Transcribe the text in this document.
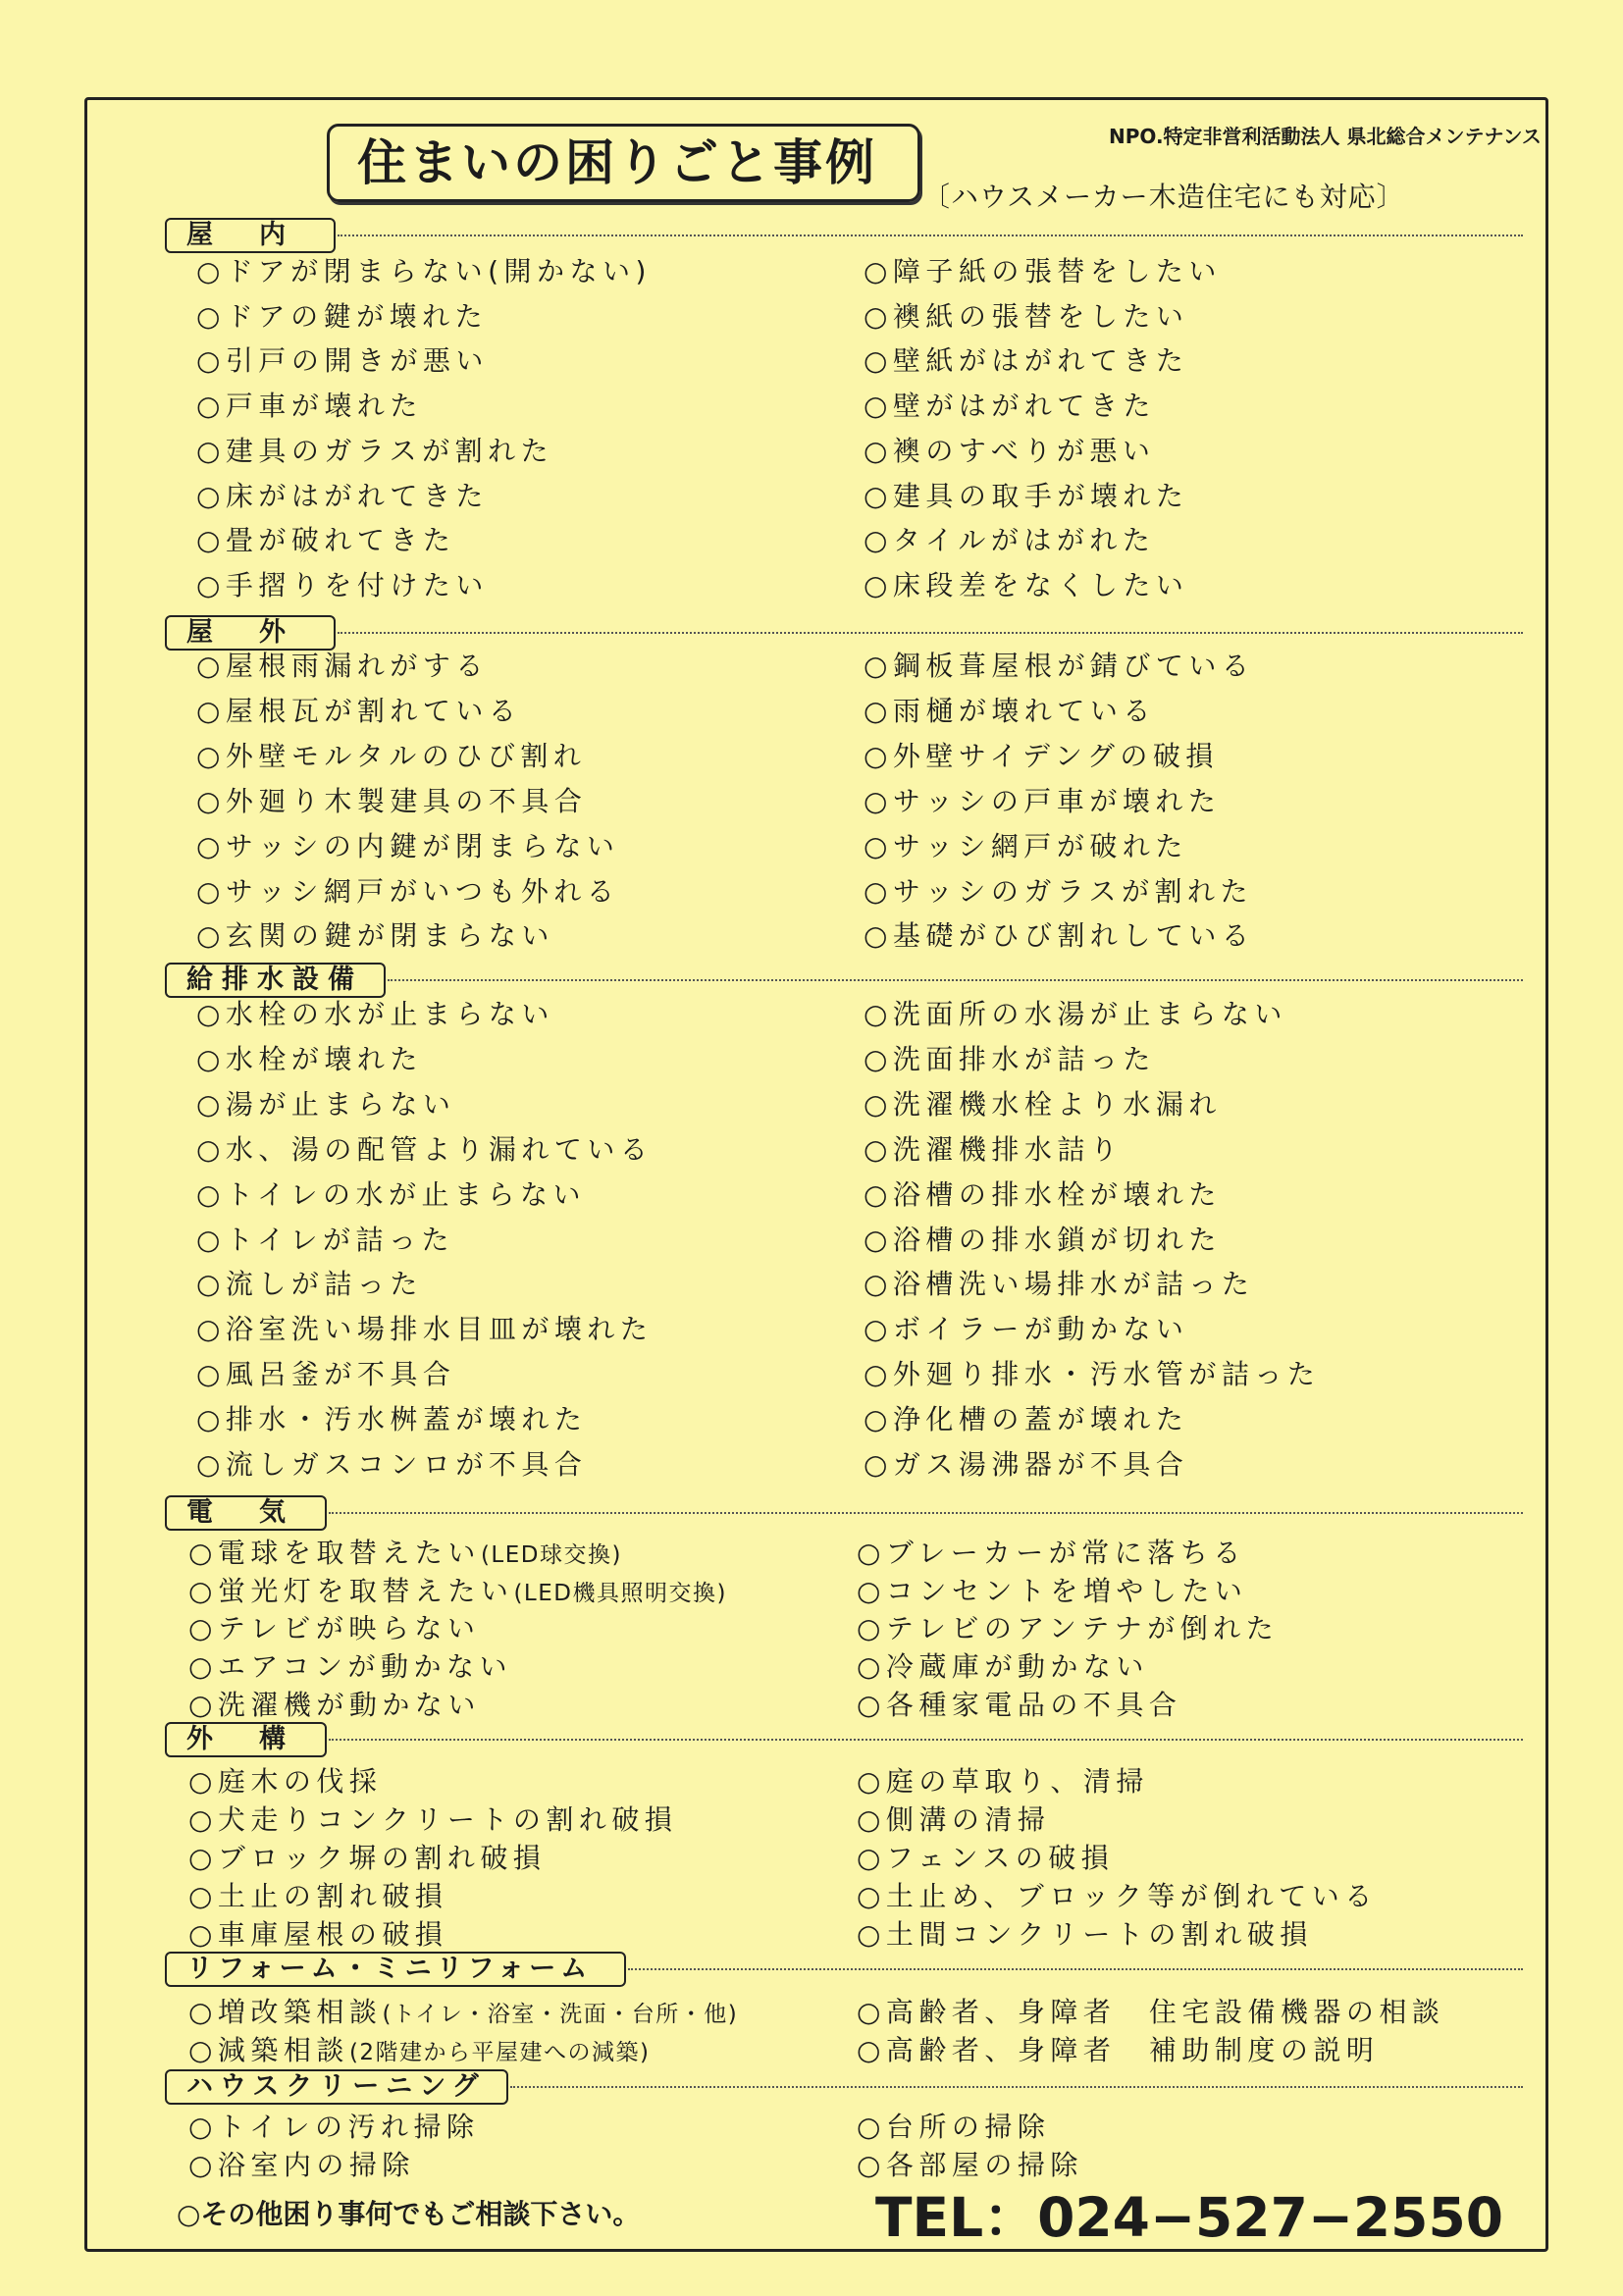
NPO.特定非営利活動法人 県北総合メンテナンス
住まいの困りごと事例
〔ハウスメーカー木造住宅にも対応〕
○その他困り事何でもご相談下さい。	TEL：024−527−2550
屋　内
○ドアが閉まらない(開かない)
○ドアの鍵が壊れた
○引戸の開きが悪い
○戸車が壊れた
○建具のガラスが割れた
○床がはがれてきた
○畳が破れてきた
○手摺りを付けたい
○障子紙の張替をしたい
○襖紙の張替をしたい
○壁紙がはがれてきた
○壁がはがれてきた
○襖のすべりが悪い
○建具の取手が壊れた
○タイルがはがれた
○床段差をなくしたい
屋　外
○屋根雨漏れがする
○屋根瓦が割れている
○外壁モルタルのひび割れ
○外廻り木製建具の不具合
○サッシの内鍵が閉まらない
○サッシ網戸がいつも外れる
○玄関の鍵が閉まらない
○鋼板葺屋根が錆びている
○雨樋が壊れている
○外壁サイデングの破損
○サッシの戸車が壊れた
○サッシ網戸が破れた
○サッシのガラスが割れた
○基礎がひび割れしている
給排水設備
○水栓の水が止まらない
○水栓が壊れた
○湯が止まらない
○水、湯の配管より漏れている
○トイレの水が止まらない
○トイレが詰った
○流しが詰った
○浴室洗い場排水目皿が壊れた
○風呂釜が不具合
○排水・汚水桝蓋が壊れた
○流しガスコンロが不具合
○洗面所の水湯が止まらない
○洗面排水が詰った
○洗濯機水栓より水漏れ
○洗濯機排水詰り
○浴槽の排水栓が壊れた
○浴槽の排水鎖が切れた
○浴槽洗い場排水が詰った
○ボイラーが動かない
○外廻り排水・汚水管が詰った
○浄化槽の蓋が壊れた
○ガス湯沸器が不具合
電　気
○電球を取替えたい(LED球交換)
○蛍光灯を取替えたい(LED機具照明交換)
○テレビが映らない
○エアコンが動かない
○洗濯機が動かない
○ブレーカーが常に落ちる
○コンセントを増やしたい
○テレビのアンテナが倒れた
○冷蔵庫が動かない
○各種家電品の不具合
外　構
○庭木の伐採
○犬走りコンクリートの割れ破損
○ブロック塀の割れ破損
○土止の割れ破損
○車庫屋根の破損
○庭の草取り、清掃
○側溝の清掃
○フェンスの破損
○土止め、ブロック等が倒れている
○土間コンクリートの割れ破損
リフォーム・ミニリフォーム
○増改築相談(トイレ・浴室・洗面・台所・他)
○減築相談(2階建から平屋建への減築)
○高齢者、身障者　住宅設備機器の相談
○高齢者、身障者　補助制度の説明
ハウスクリーニング
○トイレの汚れ掃除
○浴室内の掃除
○台所の掃除
○各部屋の掃除
